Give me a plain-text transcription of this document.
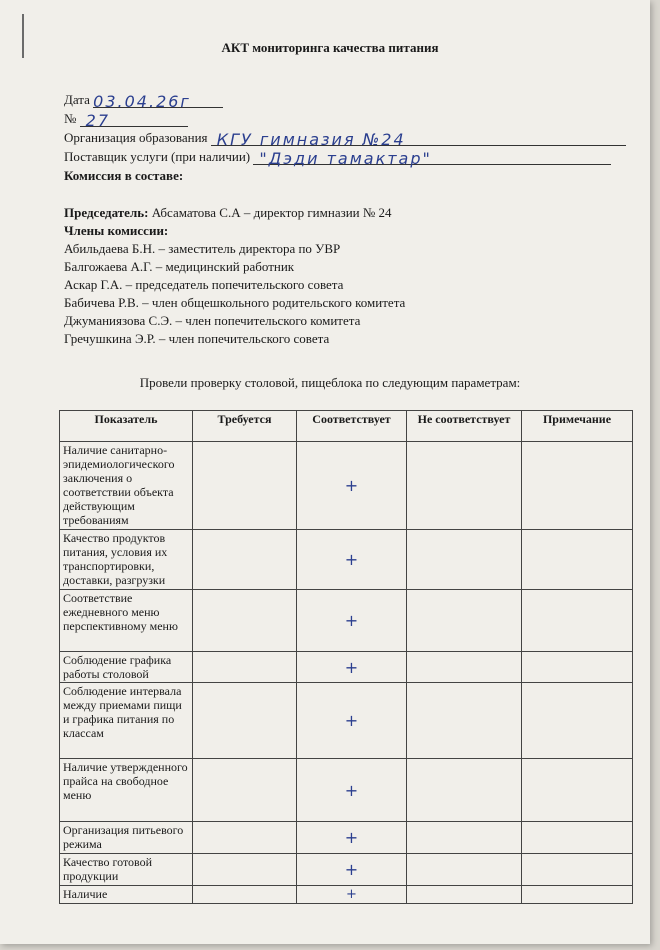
АКТ мониторинга качества питания
Дата 03.04.26г
№ 27
Организация образования КГУ гимназия №24
Поставщик услуги (при наличии) "Дэди тамактар"
Комиссия в составе:
Председатель: Абсаматова С.А – директор гимназии № 24
Члены комиссии:
Абильдаева Б.Н. – заместитель директора по УВР
Балгожаева А.Г. – медицинский работник
Аскар Г.А. – председатель попечительского совета
Бабичева Р.В. – член общешкольного родительского комитета
Джуманиязова С.Э. – член попечительского комитета
Гречушкина Э.Р. – член попечительского совета
Провели проверку столовой, пищеблока по следующим параметрам:
Показатель	Требуется	Соответствует	Не соответствует	Примечание
Наличие санитарно-эпидемиологического заключения о соответствии объекта действующим требованиям		+		
Качество продуктов питания, условия их транспортировки, доставки, разгрузки		+		
Соответствие ежедневного меню перспективному меню		+		
Соблюдение графика работы столовой		+		
Соблюдение интервала между приемами пищи и графика питания по классам		+		
Наличие утвержденного прайса на свободное меню		+		
Организация питьевого режима		+		
Качество готовой продукции		+		
Наличие		+		
